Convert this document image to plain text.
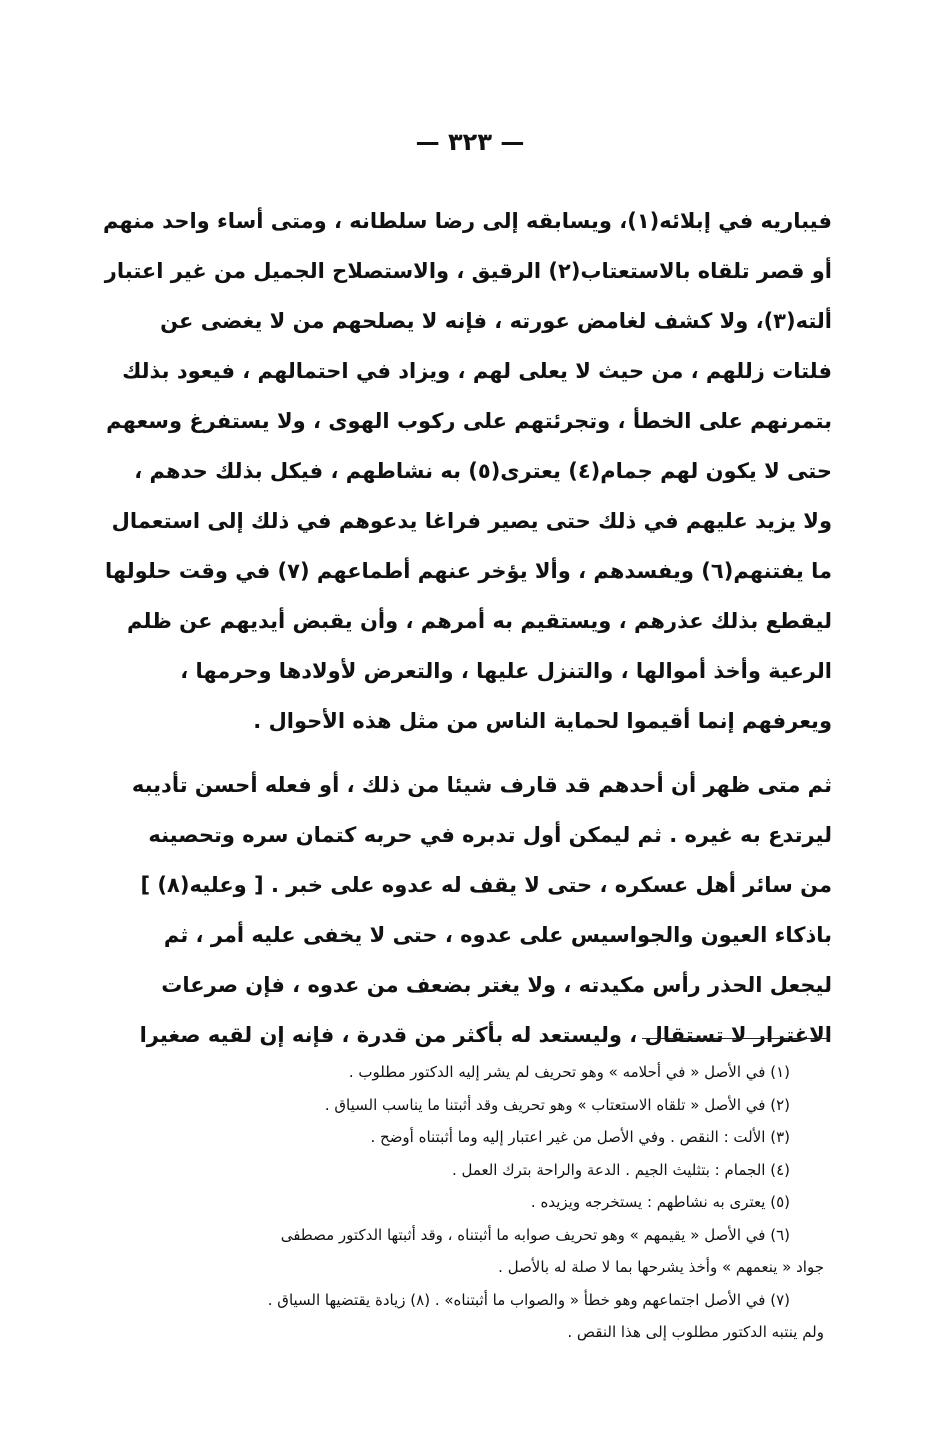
— ٣٢٣ —
فيباريه في إبلائه(١)، ويسابقه إلى رضا سلطانه ، ومتى أساء واحد منهم
أو قصر تلقاه بالاستعتاب(٢) الرقيق ، والاستصلاح الجميل من غير اعتبار
ألته(٣)، ولا كشف لغامض عورته ، فإنه لا يصلحهم من لا يغضى عن
فلتات زللهم ، من حيث لا يعلى لهم ، ويزاد في احتمالهم ، فيعود بذلك
بتمرنهم على الخطأ ، وتجرئتهم على ركوب الهوى ، ولا يستفرغ وسعهم
حتى لا يكون لهم جمام(٤) يعترى(٥) به نشاطهم ، فيكل بذلك حدهم ،
ولا يزيد عليهم في ذلك حتى يصير فراغا يدعوهم في ذلك إلى استعمال
ما يفتنهم(٦) ويفسدهم ، وألا يؤخر عنهم أطماعهم (٧) في وقت حلولها
ليقطع بذلك عذرهم ، ويستقيم به أمرهم ، وأن يقبض أيديهم عن ظلم
الرعية وأخذ أموالها ، والتنزل عليها ، والتعرض لأولادها وحرمها ،
ويعرفهم إنما أقيموا لحماية الناس من مثل هذه الأحوال .
ثم متى ظهر أن أحدهم قد قارف شيئا من ذلك ، أو فعله أحسن تأديبه
ليرتدع به غيره . ثم ليمكن أول تدبره في حربه كتمان سره وتحصينه
من سائر أهل عسكره ، حتى لا يقف له عدوه على خبر . [ وعليه(٨) ]
باذكاء العيون والجواسيس على عدوه ، حتى لا يخفى عليه أمر ، ثم
ليجعل الحذر رأس مكيدته ، ولا يغتر بضعف من عدوه ، فإن صرعات
الاغترار لا تستقال ، وليستعد له بأكثر من قدرة ، فإنه إن لقيه صغيرا
(١) في الأصل « في أحلامه » وهو تحريف لم يشر إليه الدكتور مطلوب .
(٢) في الأصل « تلقاه الاستعتاب » وهو تحريف وقد أثبتنا ما يناسب السياق .
(٣) الألت : النقص . وفي الأصل من غير اعتبار إليه وما أثبتناه أوضح .
(٤) الجمام : بتثليث الجيم . الدعة والراحة بترك العمل .
(٥) يعترى به نشاطهم : يستخرجه ويزيده .
(٦) في الأصل « يقيمهم » وهو تحريف صوابه ما أثبتناه ، وقد أثبتها الدكتور مصطفى
جواد « ينعمهم » وأخذ يشرحها بما لا صلة له بالأصل .
(٧) في الأصل اجتماعهم وهو خطأ « والصواب ما أثبتناه» . (٨) زيادة يقتضيها السياق .
ولم ينتبه الدكتور مطلوب إلى هذا النقص .
